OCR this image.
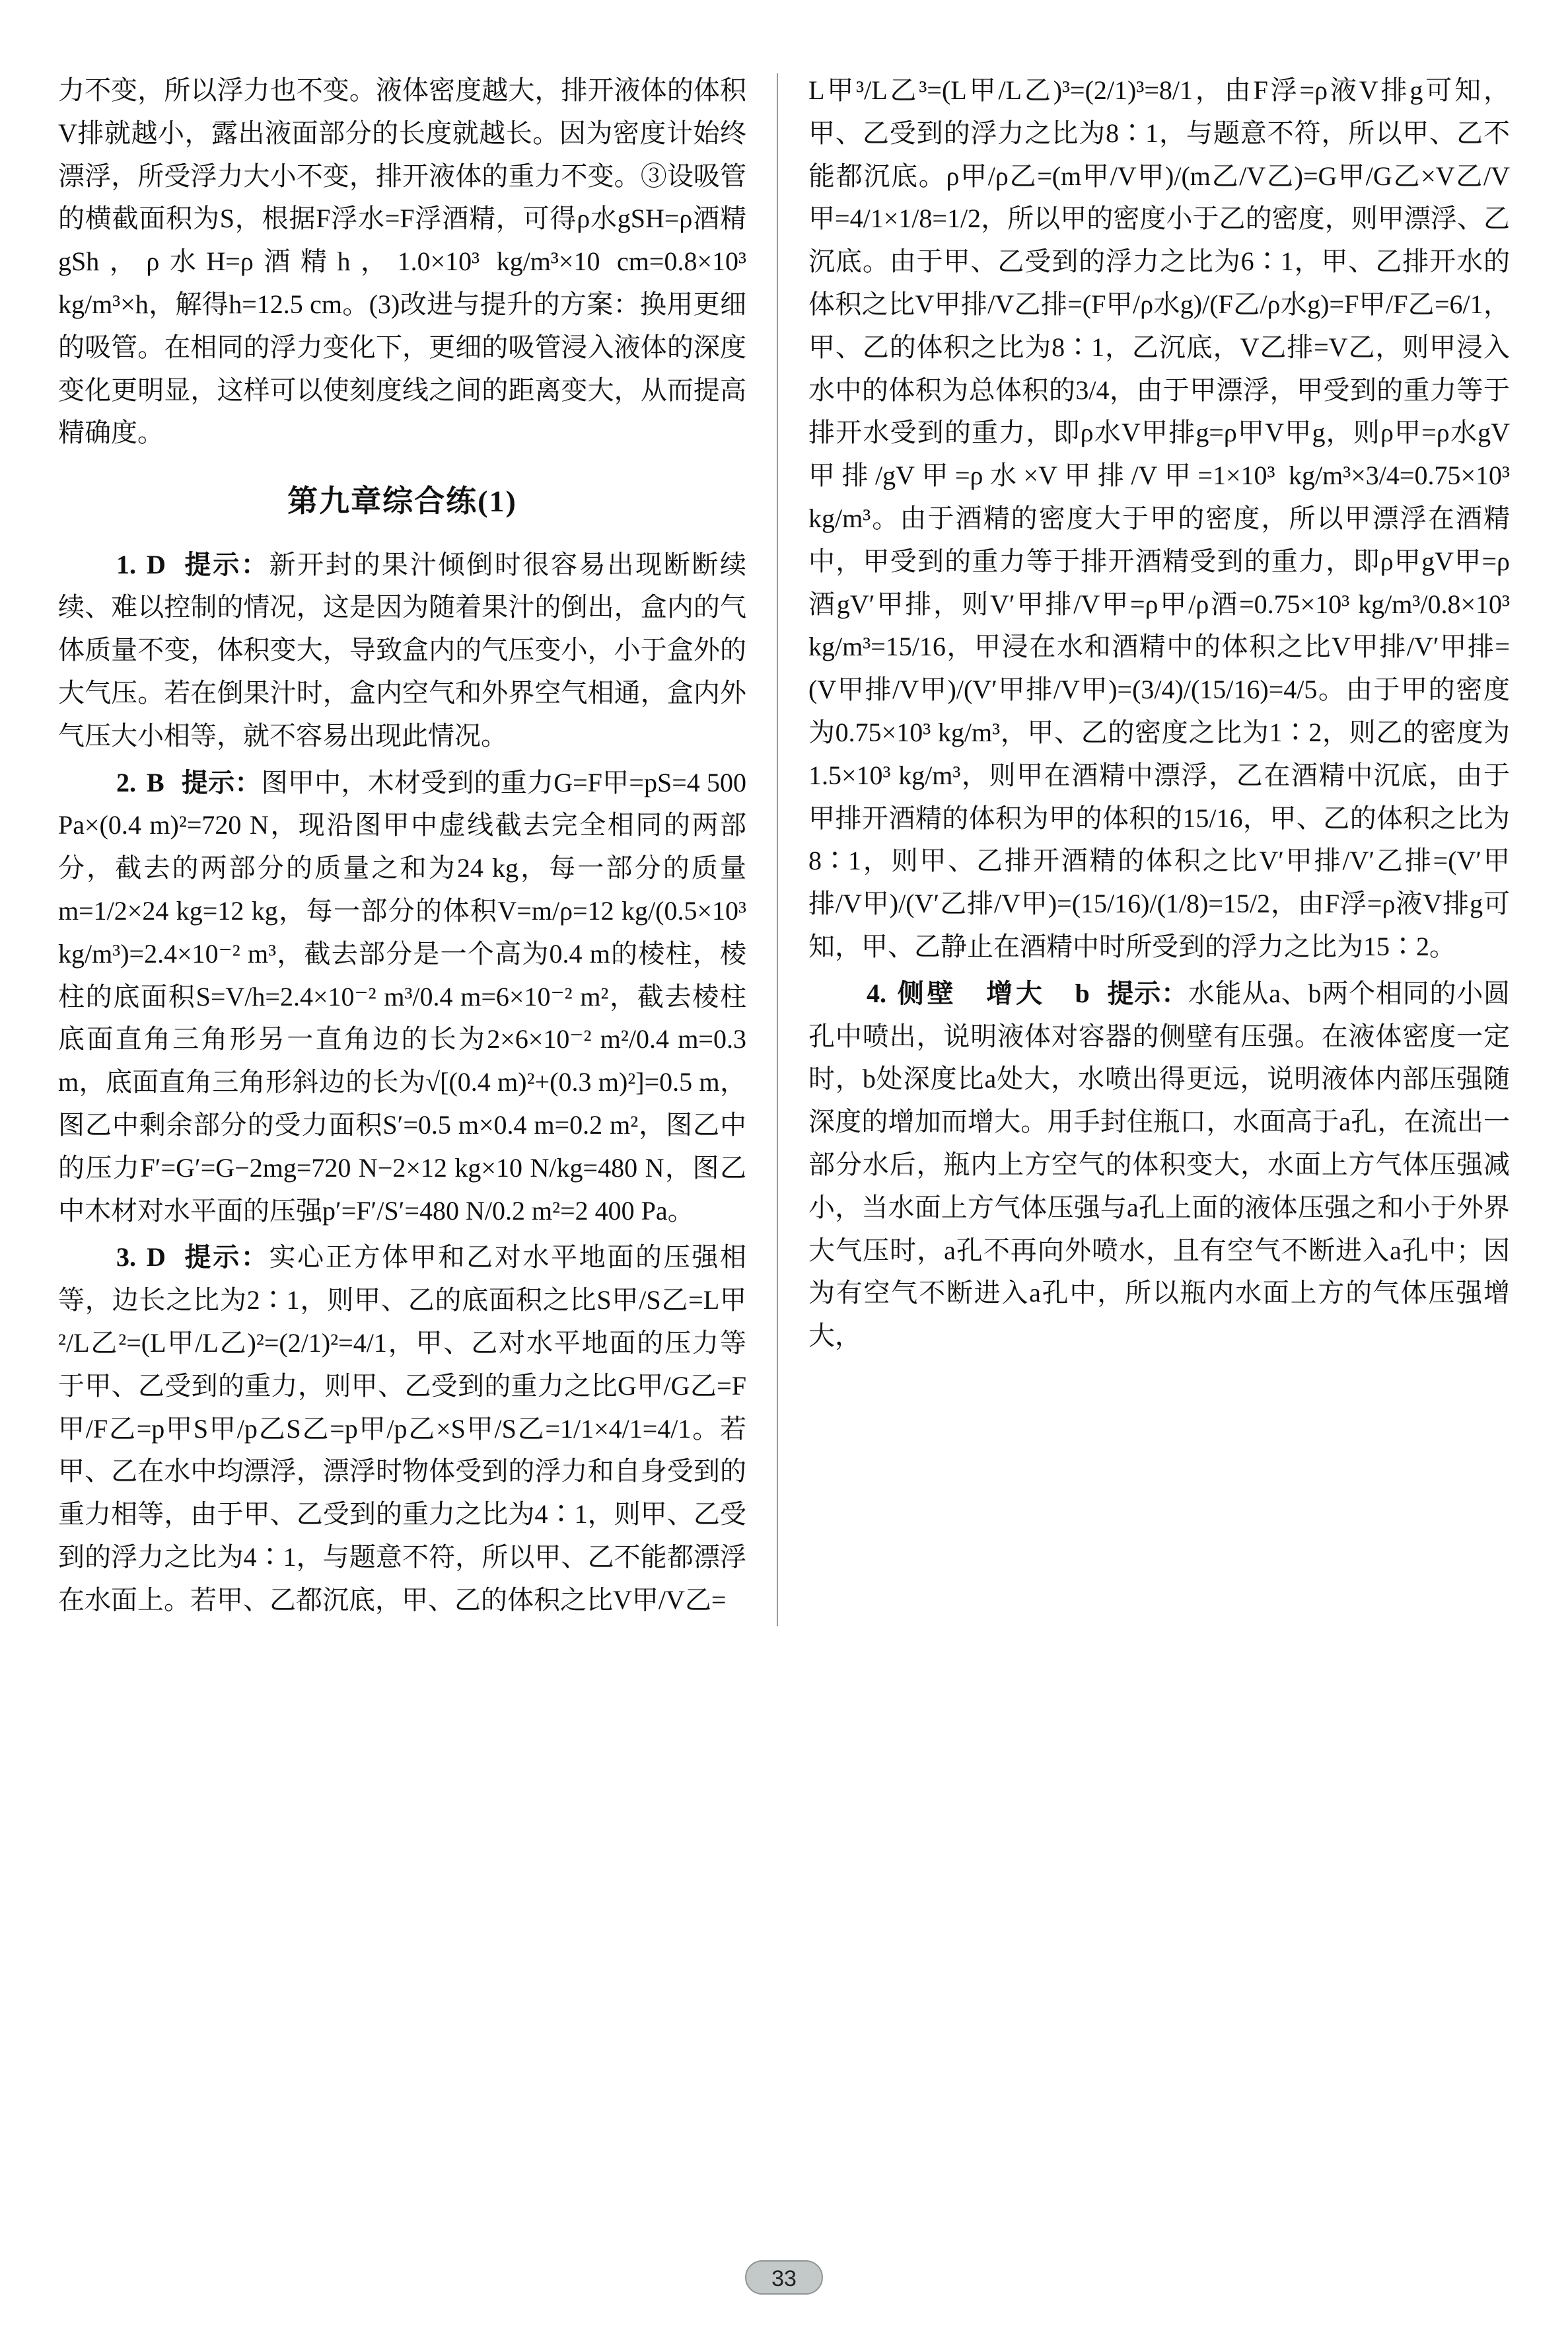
力不变，所以浮力也不变。液体密度越大，排开液体的体积V排就越小，露出液面部分的长度就越长。因为密度计始终漂浮，所受浮力大小不变，排开液体的重力不变。③设吸管的横截面积为S，根据F浮水=F浮酒精，可得ρ水gSH=ρ酒精gSh，ρ水H=ρ酒精h，1.0×10³ kg/m³×10 cm=0.8×10³ kg/m³×h，解得h=12.5 cm。(3)改进与提升的方案：换用更细的吸管。在相同的浮力变化下，更细的吸管浸入液体的深度变化更明显，这样可以使刻度线之间的距离变大，从而提高精确度。

第九章综合练(1)

1. D 提示：新开封的果汁倾倒时很容易出现断断续续、难以控制的情况，这是因为随着果汁的倒出，盒内的气体质量不变，体积变大，导致盒内的气压变小，小于盒外的大气压。若在倒果汁时，盒内空气和外界空气相通，盒内外气压大小相等，就不容易出现此情况。

2. B 提示：图甲中，木材受到的重力G=F甲=pS=4 500 Pa×(0.4 m)²=720 N，现沿图甲中虚线截去完全相同的两部分，截去的两部分的质量之和为24 kg，每一部分的质量m=1/2×24 kg=12 kg，每一部分的体积V=m/ρ=12 kg/(0.5×10³ kg/m³)=2.4×10⁻² m³，截去部分是一个高为0.4 m的棱柱，棱柱的底面积S=V/h=2.4×10⁻² m³/0.4 m=6×10⁻² m²，截去棱柱底面直角三角形另一直角边的长为2×6×10⁻² m²/0.4 m=0.3 m，底面直角三角形斜边的长为√[(0.4 m)²+(0.3 m)²]=0.5 m，图乙中剩余部分的受力面积S′=0.5 m×0.4 m=0.2 m²，图乙中的压力F′=G′=G−2mg=720 N−2×12 kg×10 N/kg=480 N，图乙中木材对水平面的压强p′=F′/S′=480 N/0.2 m²=2 400 Pa。

3. D 提示：实心正方体甲和乙对水平地面的压强相等，边长之比为2∶1，则甲、乙的底面积之比S甲/S乙=L甲²/L乙²=(L甲/L乙)²=(2/1)²=4/1，甲、乙对水平地面的压力等于甲、乙受到的重力，则甲、乙受到的重力之比G甲/G乙=F甲/F乙=p甲S甲/p乙S乙=p甲/p乙×S甲/S乙=1/1×4/1=4/1。若甲、乙在水中均漂浮，漂浮时物体受到的浮力和自身受到的重力相等，由于甲、乙受到的重力之比为4∶1，则甲、乙受到的浮力之比为4∶1，与题意不符，所以甲、乙不能都漂浮在水面上。若甲、乙都沉底，甲、乙的体积之比V甲/V乙=

L甲³/L乙³=(L甲/L乙)³=(2/1)³=8/1，由F浮=ρ液V排g可知，甲、乙受到的浮力之比为8∶1，与题意不符，所以甲、乙不能都沉底。ρ甲/ρ乙=(m甲/V甲)/(m乙/V乙)=G甲/G乙×V乙/V甲=4/1×1/8=1/2，所以甲的密度小于乙的密度，则甲漂浮、乙沉底。由于甲、乙受到的浮力之比为6∶1，甲、乙排开水的体积之比V甲排/V乙排=(F甲/ρ水g)/(F乙/ρ水g)=F甲/F乙=6/1，甲、乙的体积之比为8∶1，乙沉底，V乙排=V乙，则甲浸入水中的体积为总体积的3/4，由于甲漂浮，甲受到的重力等于排开水受到的重力，即ρ水V甲排g=ρ甲V甲g，则ρ甲=ρ水gV甲排/gV甲=ρ水×V甲排/V甲=1×10³ kg/m³×3/4=0.75×10³ kg/m³。由于酒精的密度大于甲的密度，所以甲漂浮在酒精中，甲受到的重力等于排开酒精受到的重力，即ρ甲gV甲=ρ酒gV′甲排，则V′甲排/V甲=ρ甲/ρ酒=0.75×10³ kg/m³/0.8×10³ kg/m³=15/16，甲浸在水和酒精中的体积之比V甲排/V′甲排=(V甲排/V甲)/(V′甲排/V甲)=(3/4)/(15/16)=4/5。由于甲的密度为0.75×10³ kg/m³，甲、乙的密度之比为1∶2，则乙的密度为1.5×10³ kg/m³，则甲在酒精中漂浮，乙在酒精中沉底，由于甲排开酒精的体积为甲的体积的15/16，甲、乙的体积之比为8∶1，则甲、乙排开酒精的体积之比V′甲排/V′乙排=(V′甲排/V甲)/(V′乙排/V甲)=(15/16)/(1/8)=15/2，由F浮=ρ液V排g可知，甲、乙静止在酒精中时所受到的浮力之比为15∶2。

4. 侧壁　增大　b 提示：水能从a、b两个相同的小圆孔中喷出，说明液体对容器的侧壁有压强。在液体密度一定时，b处深度比a处大，水喷出得更远，说明液体内部压强随深度的增加而增大。用手封住瓶口，水面高于a孔，在流出一部分水后，瓶内上方空气的体积变大，水面上方气体压强减小，当水面上方气体压强与a孔上面的液体压强之和小于外界大气压时，a孔不再向外喷水，且有空气不断进入a孔中；因为有空气不断进入a孔中，所以瓶内水面上方的气体压强增大，

33
